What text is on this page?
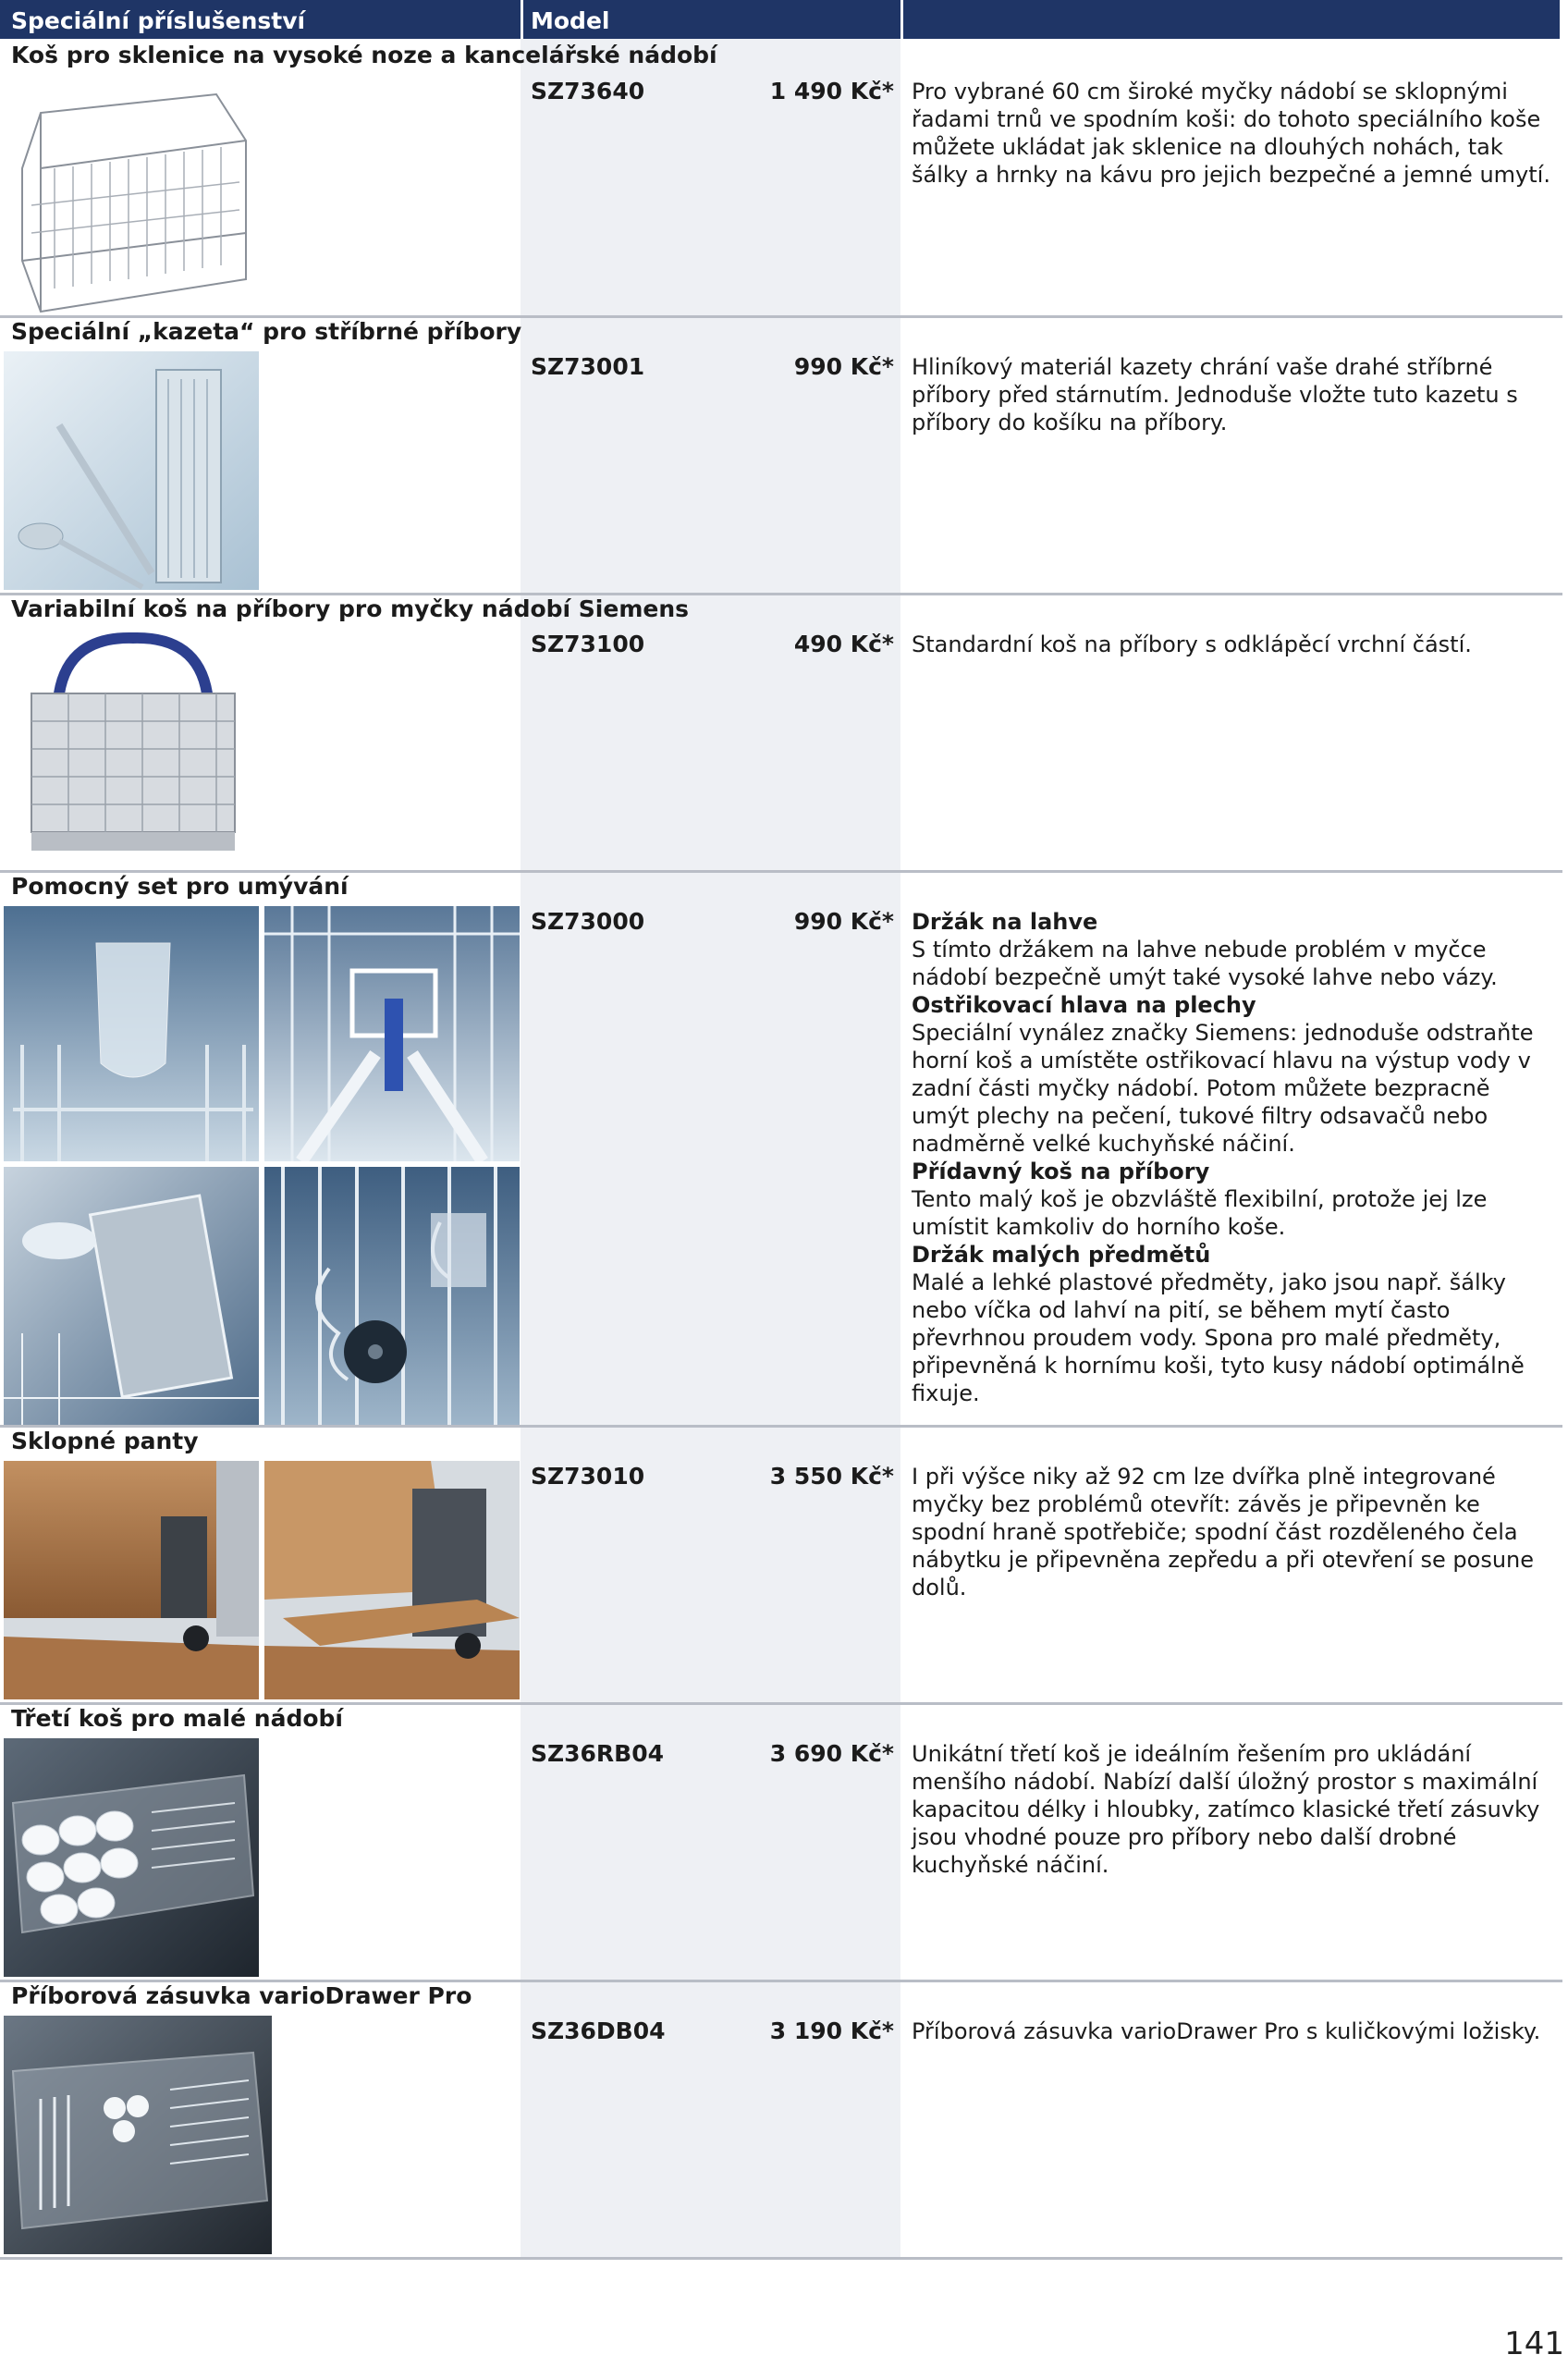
Speciální příslušenství	Model
Koš pro sklenice na vysoké noze a kancelářské nádobí
SZ73640	1 490 Kč* Pro vybrané 60 cm široké myčky nádobí se sklopnými řadami trnů ve spodním koši: do tohoto speciálního koše můžete ukládat jak sklenice na dlouhých nohách, tak šálky a hrnky na kávu pro jejich bezpečné a jemné umytí.
Speciální „kazeta“ pro stříbrné příbory
SZ73001	990 Kč* Hliníkový materiál kazety chrání vaše drahé stříbrné příbory před stárnutím. Jednoduše vložte tuto kazetu s příbory do košíku na příbory.
Variabilní koš na příbory pro myčky nádobí Siemens
SZ73100	490 Kč* Standardní koš na příbory s odklápěcí vrchní částí.
Pomocný set pro umývání
SZ73000	990 Kč* Držák na lahve
S tímto držákem na lahve nebude problém v myčce nádobí bezpečně umýt také vysoké lahve nebo vázy.
Ostřikovací hlava na plechy
Speciální vynález značky Siemens: jednoduše odstraňte horní koš a umístěte ostřikovací hlavu na výstup vody v zadní části myčky nádobí. Potom můžete bezpracně umýt plechy na pečení, tukové filtry odsavačů nebo nadměrně velké kuchyňské náčiní.
Přídavný koš na příbory
Tento malý koš je obzvláště flexibilní, protože jej lze umístit kamkoliv do horního koše.
Držák malých předmětů
Malé a lehké plastové předměty, jako jsou např. šálky nebo víčka od lahví na pití, se během mytí často převrhnou proudem vody. Spona pro malé předměty, připevněná k hornímu koši, tyto kusy nádobí optimálně fixuje.
Sklopné panty
SZ73010	3 550 Kč* I při výšce niky až 92 cm lze dvířka plně integrované myčky bez problémů otevřít: závěs je připevněn ke spodní hraně spotřebiče; spodní část rozděleného čela nábytku je připevněna zepředu a při otevření se posune dolů.
Třetí koš pro malé nádobí
SZ36RB04	3 690 Kč* Unikátní třetí koš je ideálním řešením pro ukládání menšího nádobí. Nabízí další úložný prostor s maximální kapacitou délky i hloubky, zatímco klasické třetí zásuvky jsou vhodné pouze pro příbory nebo další drobné kuchyňské náčiní.
Příborová zásuvka varioDrawer Pro
SZ36DB04	3 190 Kč* Příborová zásuvka varioDrawer Pro s kuličkovými ložisky.
141
